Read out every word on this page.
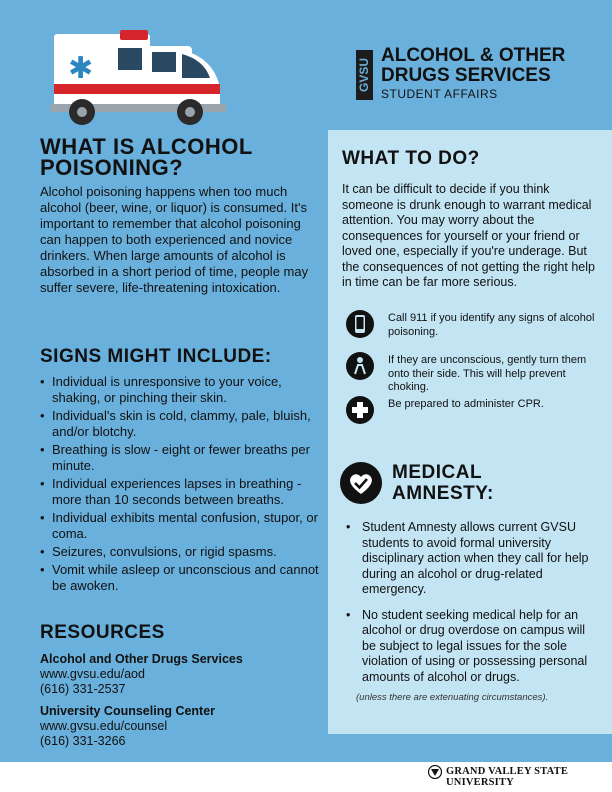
✱	GVSU
ALCOHOL & OTHER
DRUGS SERVICES
STUDENT AFFAIRS
WHAT IS ALCOHOL
POISONING?
Alcohol poisoning happens when too much alcohol (beer, wine, or liquor) is consumed. It's important to remember that alcohol poisoning can happen to both experienced and novice drinkers. When large amounts of alcohol is absorbed in a short period of time, people may suffer severe, life-threatening intoxication.
SIGNS MIGHT INCLUDE:
• Individual is unresponsive to your voice, shaking, or pinching their skin.
• Individual's skin is cold, clammy, pale, bluish, and/or blotchy.
• Breathing is slow - eight or fewer breaths per minute.
• Individual experiences lapses in breathing - more than 10 seconds between breaths.
• Individual exhibits mental confusion, stupor, or coma.
• Seizures, convulsions, or rigid spasms.
• Vomit while asleep or unconscious and cannot be awoken.
RESOURCES
Alcohol and Other Drugs Services
www.gvsu.edu/aod
(616) 331-2537
University Counseling Center
www.gvsu.edu/counsel
(616) 331-3266
WHAT TO DO?
It can be difficult to decide if you think someone is drunk enough to warrant medical attention. You may worry about the consequences for yourself or your friend or loved one, especially if you're underage. But the consequences of not getting the right help in time can be far more serious.
Call 911 if you identify any signs of alcohol poisoning.
If they are unconscious, gently turn them onto their side. This will help prevent choking.
Be prepared to administer CPR.
MEDICAL
AMNESTY:
• Student Amnesty allows current GVSU students to avoid formal university disciplinary action when they call for help during an alcohol or drug-related emergency.
• No student seeking medical help for an alcohol or drug overdose on campus will be subject to legal issues for the sole violation of using or possessing personal amounts of alcohol or drugs.
(unless there are extenuating circumstances).
GRAND VALLEY STATE UNIVERSITY
